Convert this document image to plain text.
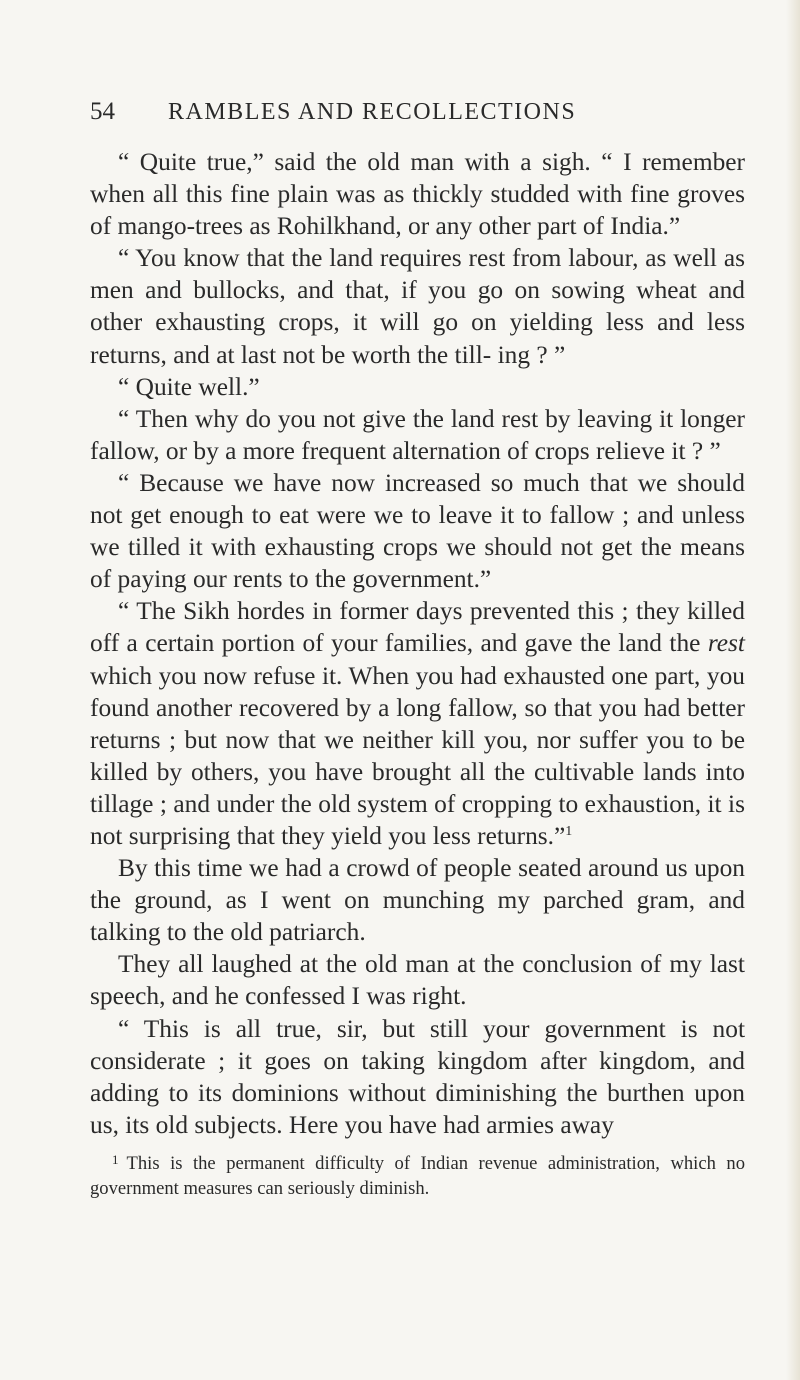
54	RAMBLES AND RECOLLECTIONS

“ Quite true,” said the old man with a sigh. “ I remember when all this fine plain was as thickly studded with fine groves of mango-trees as Rohilkhand, or any other part of India.”

“ You know that the land requires rest from labour, as well as men and bullocks, and that, if you go on sowing wheat and other exhausting crops, it will go on yielding less and less returns, and at last not be worth the till- ing ? ”

“ Quite well.”

“ Then why do you not give the land rest by leaving it longer fallow, or by a more frequent alternation of crops relieve it ? ”

“ Because we have now increased so much that we should not get enough to eat were we to leave it to fallow ; and unless we tilled it with exhausting crops we should not get the means of paying our rents to the government.”

“ The Sikh hordes in former days prevented this ; they killed off a certain portion of your families, and gave the land the rest which you now refuse it. When you had exhausted one part, you found another recovered by a long fallow, so that you had better returns ; but now that we neither kill you, nor suffer you to be killed by others, you have brought all the cultivable lands into tillage ; and under the old system of cropping to exhaustion, it is not surprising that they yield you less returns.”$^1$

By this time we had a crowd of people seated around us upon the ground, as I went on munching my parched gram, and talking to the old patriarch.

They all laughed at the old man at the conclusion of my last speech, and he confessed I was right.

“ This is all true, sir, but still your government is not considerate ; it goes on taking kingdom after kingdom, and adding to its dominions without diminishing the burthen upon us, its old subjects. Here you have had armies away

$^1$ This is the permanent difficulty of Indian revenue administration, which no government measures can seriously diminish.
